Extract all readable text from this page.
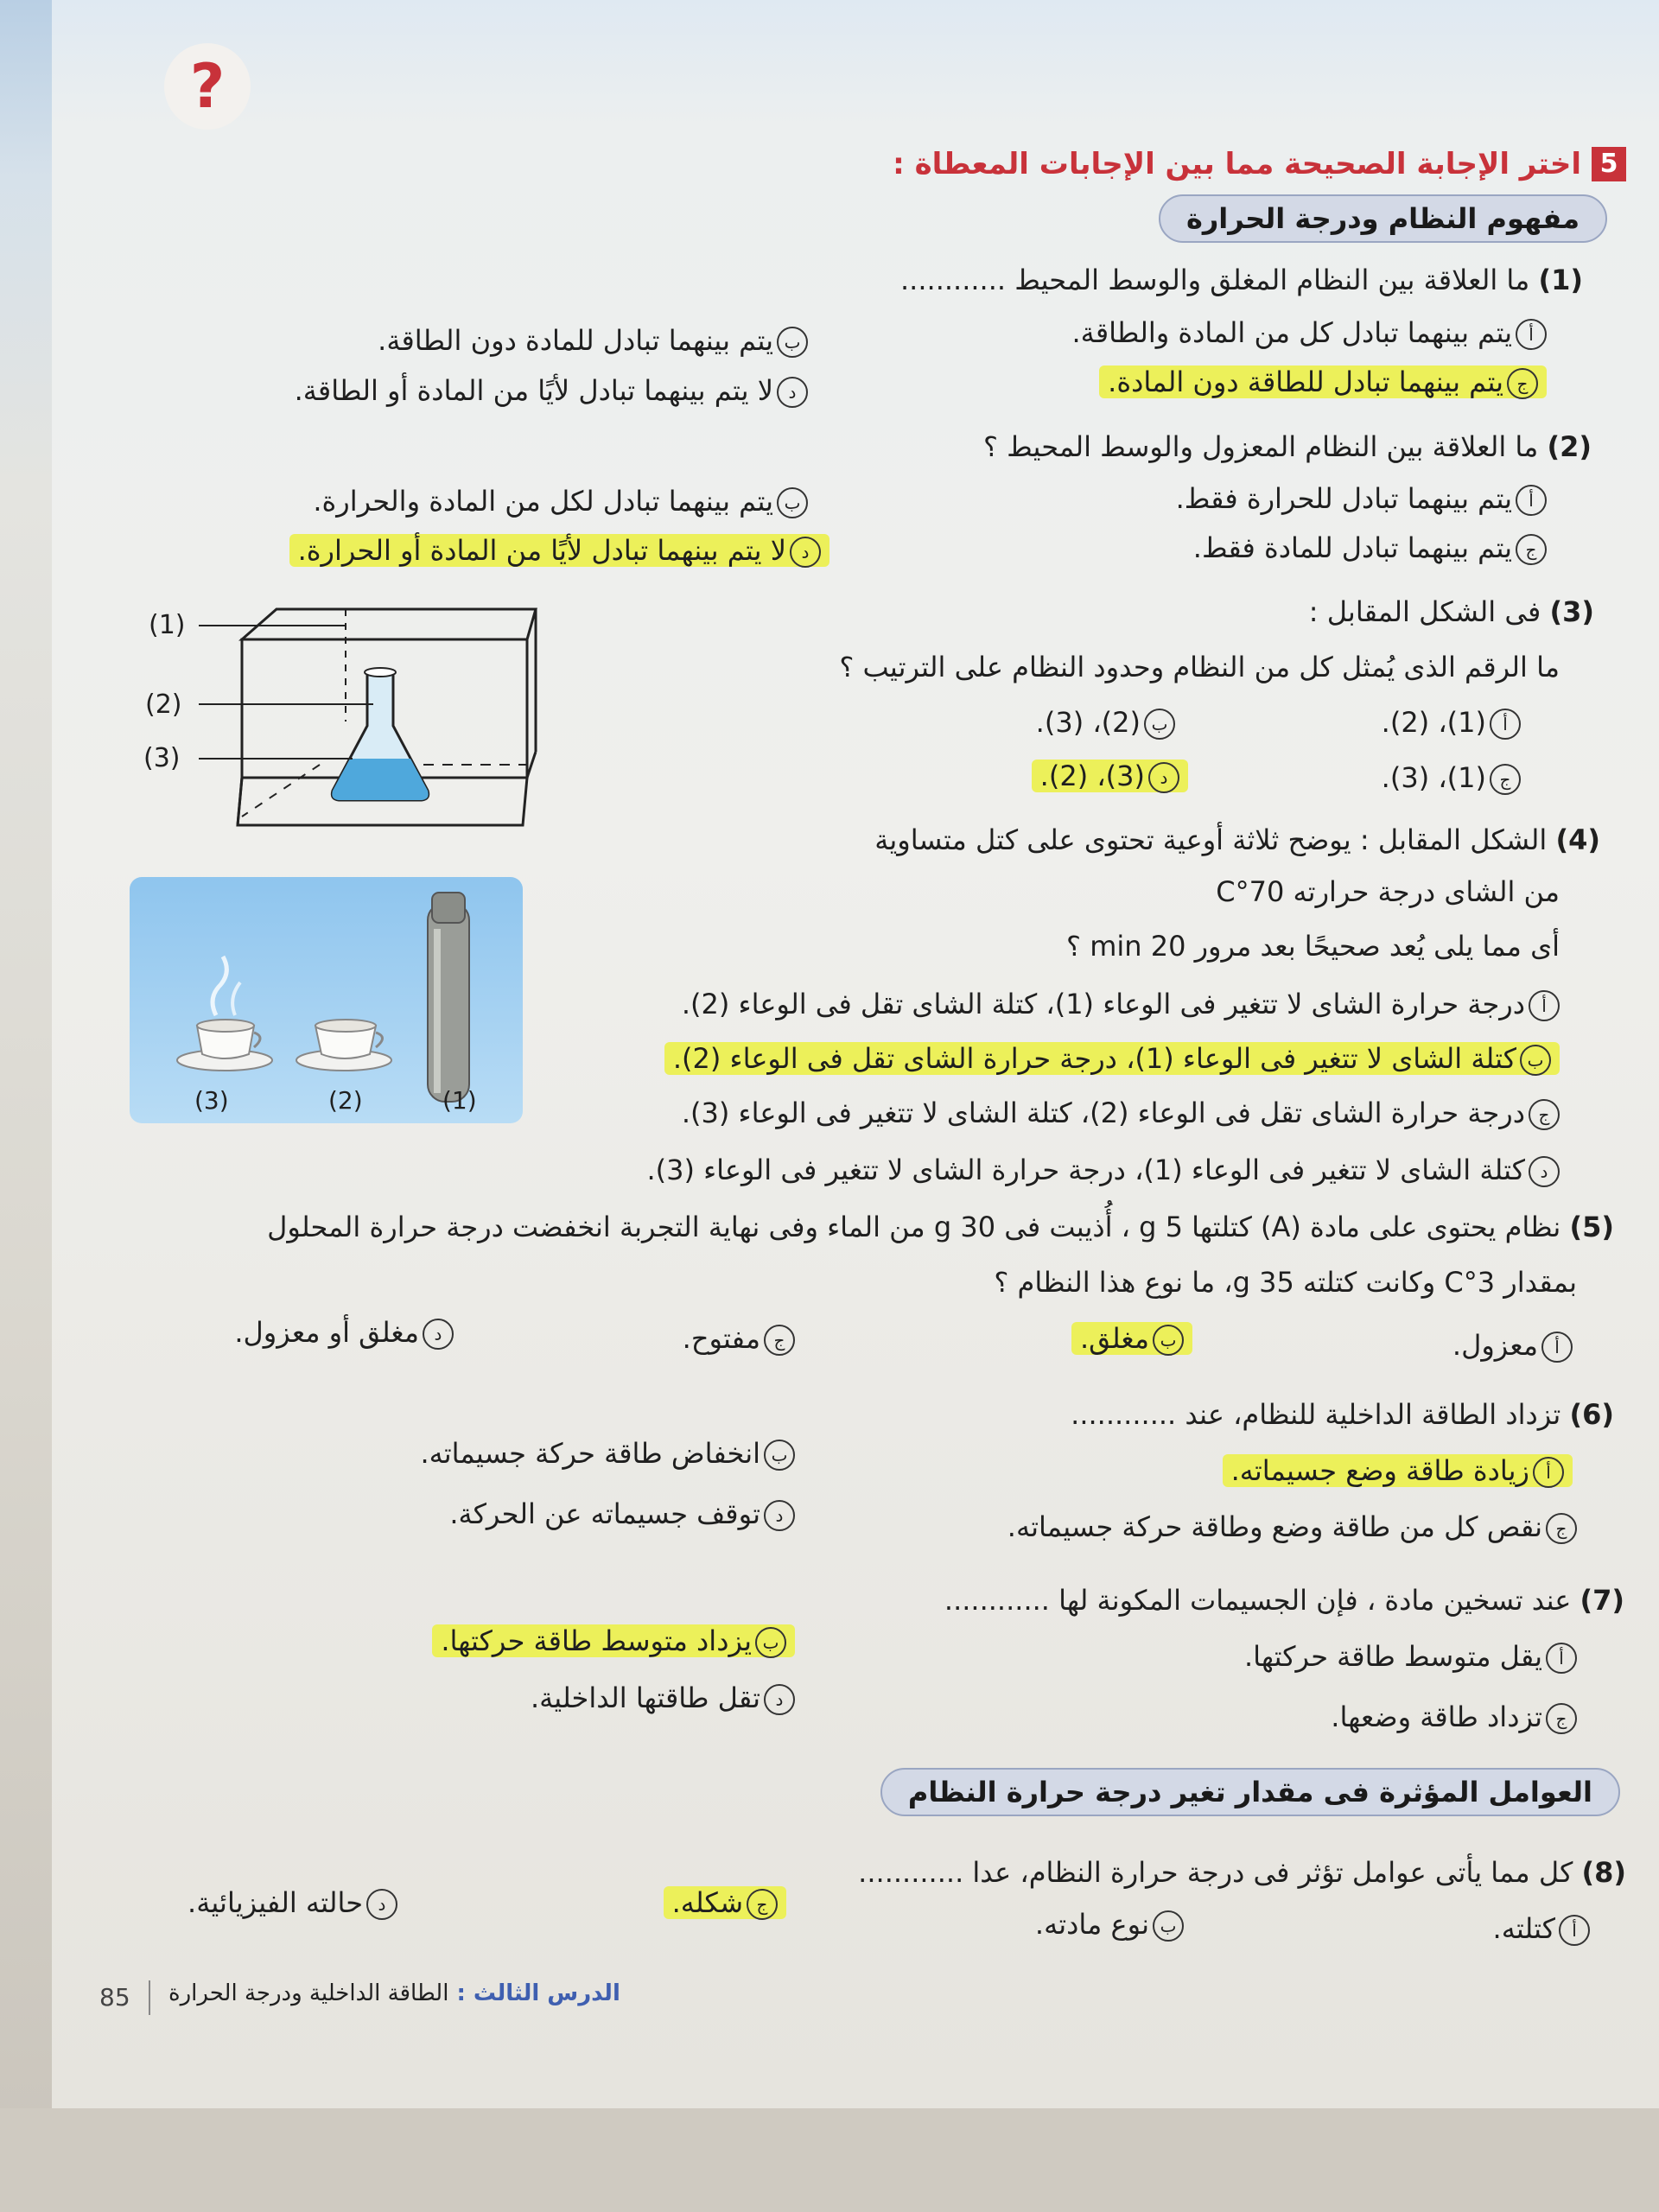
?
5
اختر الإجابة الصحيحة مما بين الإجابات المعطاة :
مفهوم النظام ودرجة الحرارة
(1) ما العلاقة بين النظام المغلق والوسط المحيط ............
أيتم بينهما تبادل كل من المادة والطاقة.
بيتم بينهما تبادل للمادة دون الطاقة.
جيتم بينهما تبادل للطاقة دون المادة.
دلا يتم بينهما تبادل لأيًا من المادة أو الطاقة.
(2) ما العلاقة بين النظام المعزول والوسط المحيط ؟
أيتم بينهما تبادل للحرارة فقط.
بيتم بينهما تبادل لكل من المادة والحرارة.
جيتم بينهما تبادل للمادة فقط.
دلا يتم بينهما تبادل لأيًا من المادة أو الحرارة.
(3) فى الشكل المقابل :
ما الرقم الذى يُمثل كل من النظام وحدود النظام على الترتيب ؟
أ(1)، (2).
ب(2)، (3).
ج(1)، (3).
د(3)، (2).
(1)
(2)
(3)
(4) الشكل المقابل : يوضح ثلاثة أوعية تحتوى على كتل متساوية
من الشاى درجة حرارته 70°C
أى مما يلى يُعد صحيحًا بعد مرور 20 min ؟
أدرجة حرارة الشاى لا تتغير فى الوعاء (1)، كتلة الشاى تقل فى الوعاء (2).
بكتلة الشاى لا تتغير فى الوعاء (1)، درجة حرارة الشاى تقل فى الوعاء (2).
جدرجة حرارة الشاى تقل فى الوعاء (2)، كتلة الشاى لا تتغير فى الوعاء (3).
دكتلة الشاى لا تتغير فى الوعاء (1)، درجة حرارة الشاى لا تتغير فى الوعاء (3).
(1)
(2)
(3)
(5) نظام يحتوى على مادة (A) كتلتها 5 g ، أُذيبت فى 30 g من الماء وفى نهاية التجربة انخفضت درجة حرارة المحلول
بمقدار 3°C وكانت كتلته 35 g، ما نوع هذا النظام ؟
أمعزول.
بمغلق.
جمفتوح.
دمغلق أو معزول.
(6) تزداد الطاقة الداخلية للنظام، عند ............
أزيادة طاقة وضع جسيماته.
بانخفاض طاقة حركة جسيماته.
جنقص كل من طاقة وضع وطاقة حركة جسيماته.
دتوقف جسيماته عن الحركة.
(7) عند تسخين مادة ، فإن الجسيمات المكونة لها ............
أيقل متوسط طاقة حركتها.
بيزداد متوسط طاقة حركتها.
جتزداد طاقة وضعها.
دتقل طاقتها الداخلية.
العوامل المؤثرة فى مقدار تغير درجة حرارة النظام
(8) كل مما يأتى عوامل تؤثر فى درجة حرارة النظام، عدا ............
أكتلته.
بنوع مادته.
جشكله.
دحالته الفيزيائية.
85	الدرس الثالث : الطاقة الداخلية ودرجة الحرارة
